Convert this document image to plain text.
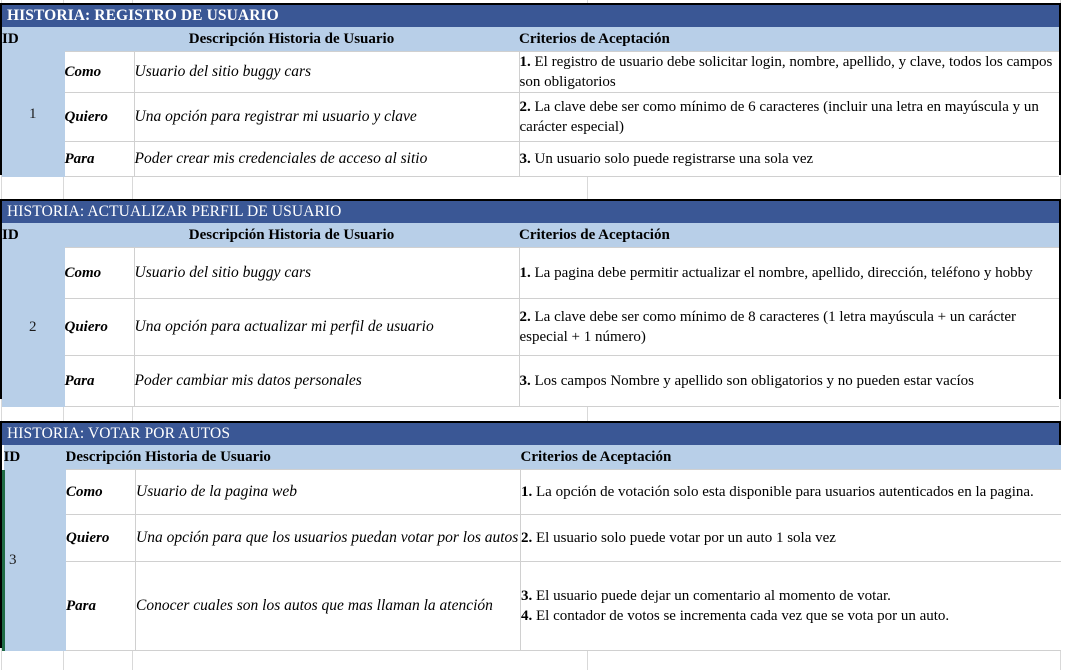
HISTORIA: REGISTRO DE USUARIO
ID	Descripción Historia de Usuario		Criterios de Aceptación
1	Como	Usuario del sitio buggy cars	1. El registro de usuario debe solicitar login, nombre, apellido, y clave, todos los campos son obligatorios
	Quiero	Una opción para registrar mi usuario y clave	2. La clave debe ser como mínimo de 6 caracteres (incluir una letra en mayúscula y un carácter especial)
	Para	Poder crear mis credenciales de acceso al sitio	3. Un usuario solo puede registrarse una sola vez
HISTORIA: ACTUALIZAR PERFIL DE USUARIO
ID	Descripción Historia de Usuario		Criterios de Aceptación
2	Como	Usuario del sitio buggy cars	1. La pagina debe permitir actualizar el nombre, apellido, dirección, teléfono y hobby
	Quiero	Una opción para actualizar mi perfil de usuario	2. La clave debe ser como mínimo de 8 caracteres (1 letra mayúscula + un carácter especial + 1 número)
	Para	Poder cambiar mis datos personales	3. Los campos Nombre y apellido son obligatorios y no pueden estar vacíos
HISTORIA: VOTAR POR AUTOS
ID	Descripción Historia de Usuario		Criterios de Aceptación
3	Como	Usuario de la pagina web	1. La opción de votación solo esta disponible para usuarios autenticados en la pagina.
	Quiero	Una opción para que los usuarios puedan votar por los autos	2. El usuario solo puede votar por un auto 1 sola vez
	Para	Conocer cuales son los autos que mas llaman la atención	3. El usuario puede dejar un comentario al momento de votar.
4. El contador de votos se incrementa cada vez que se vota por un auto.
